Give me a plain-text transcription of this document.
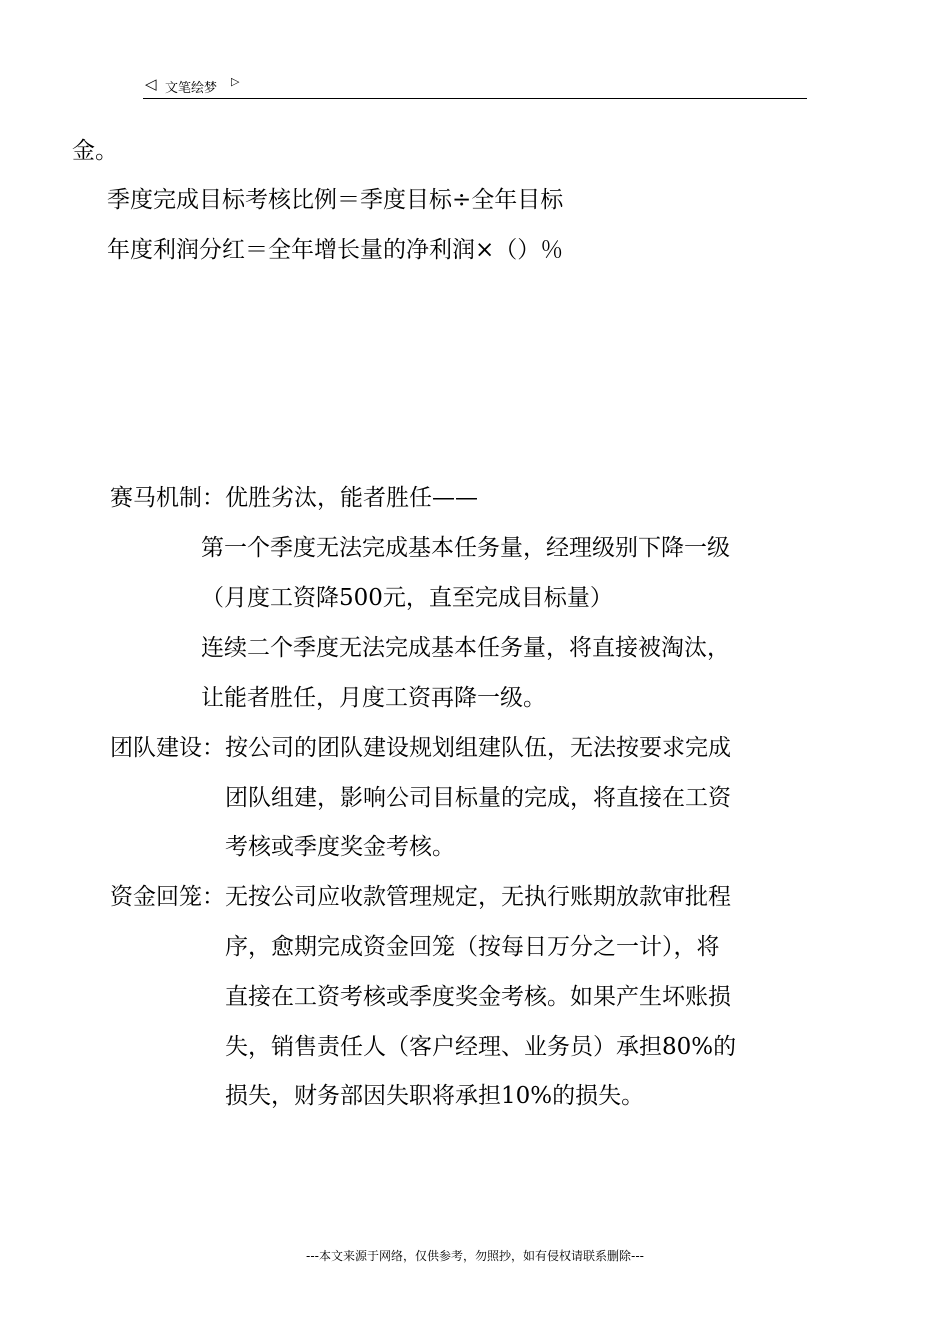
◁ 文笔绘梦 ▷
金。
季度完成目标考核比例＝季度目标÷全年目标
年度利润分红＝全年增长量的净利润×（）％
赛马机制：优胜劣汰，能者胜任——
第一个季度无法完成基本任务量，经理级别下降一级
（月度工资降500元，直至完成目标量）
连续二个季度无法完成基本任务量，将直接被淘汰，
让能者胜任，月度工资再降一级。
团队建设：按公司的团队建设规划组建队伍，无法按要求完成
团队组建，影响公司目标量的完成，将直接在工资
考核或季度奖金考核。
资金回笼：无按公司应收款管理规定，无执行账期放款审批程
序，愈期完成资金回笼（按每日万分之一计），将
直接在工资考核或季度奖金考核。如果产生坏账损
失，销售责任人（客户经理、业务员）承担80%的
损失，财务部因失职将承担10%的损失。
---本文来源于网络，仅供参考，勿照抄，如有侵权请联系删除---
